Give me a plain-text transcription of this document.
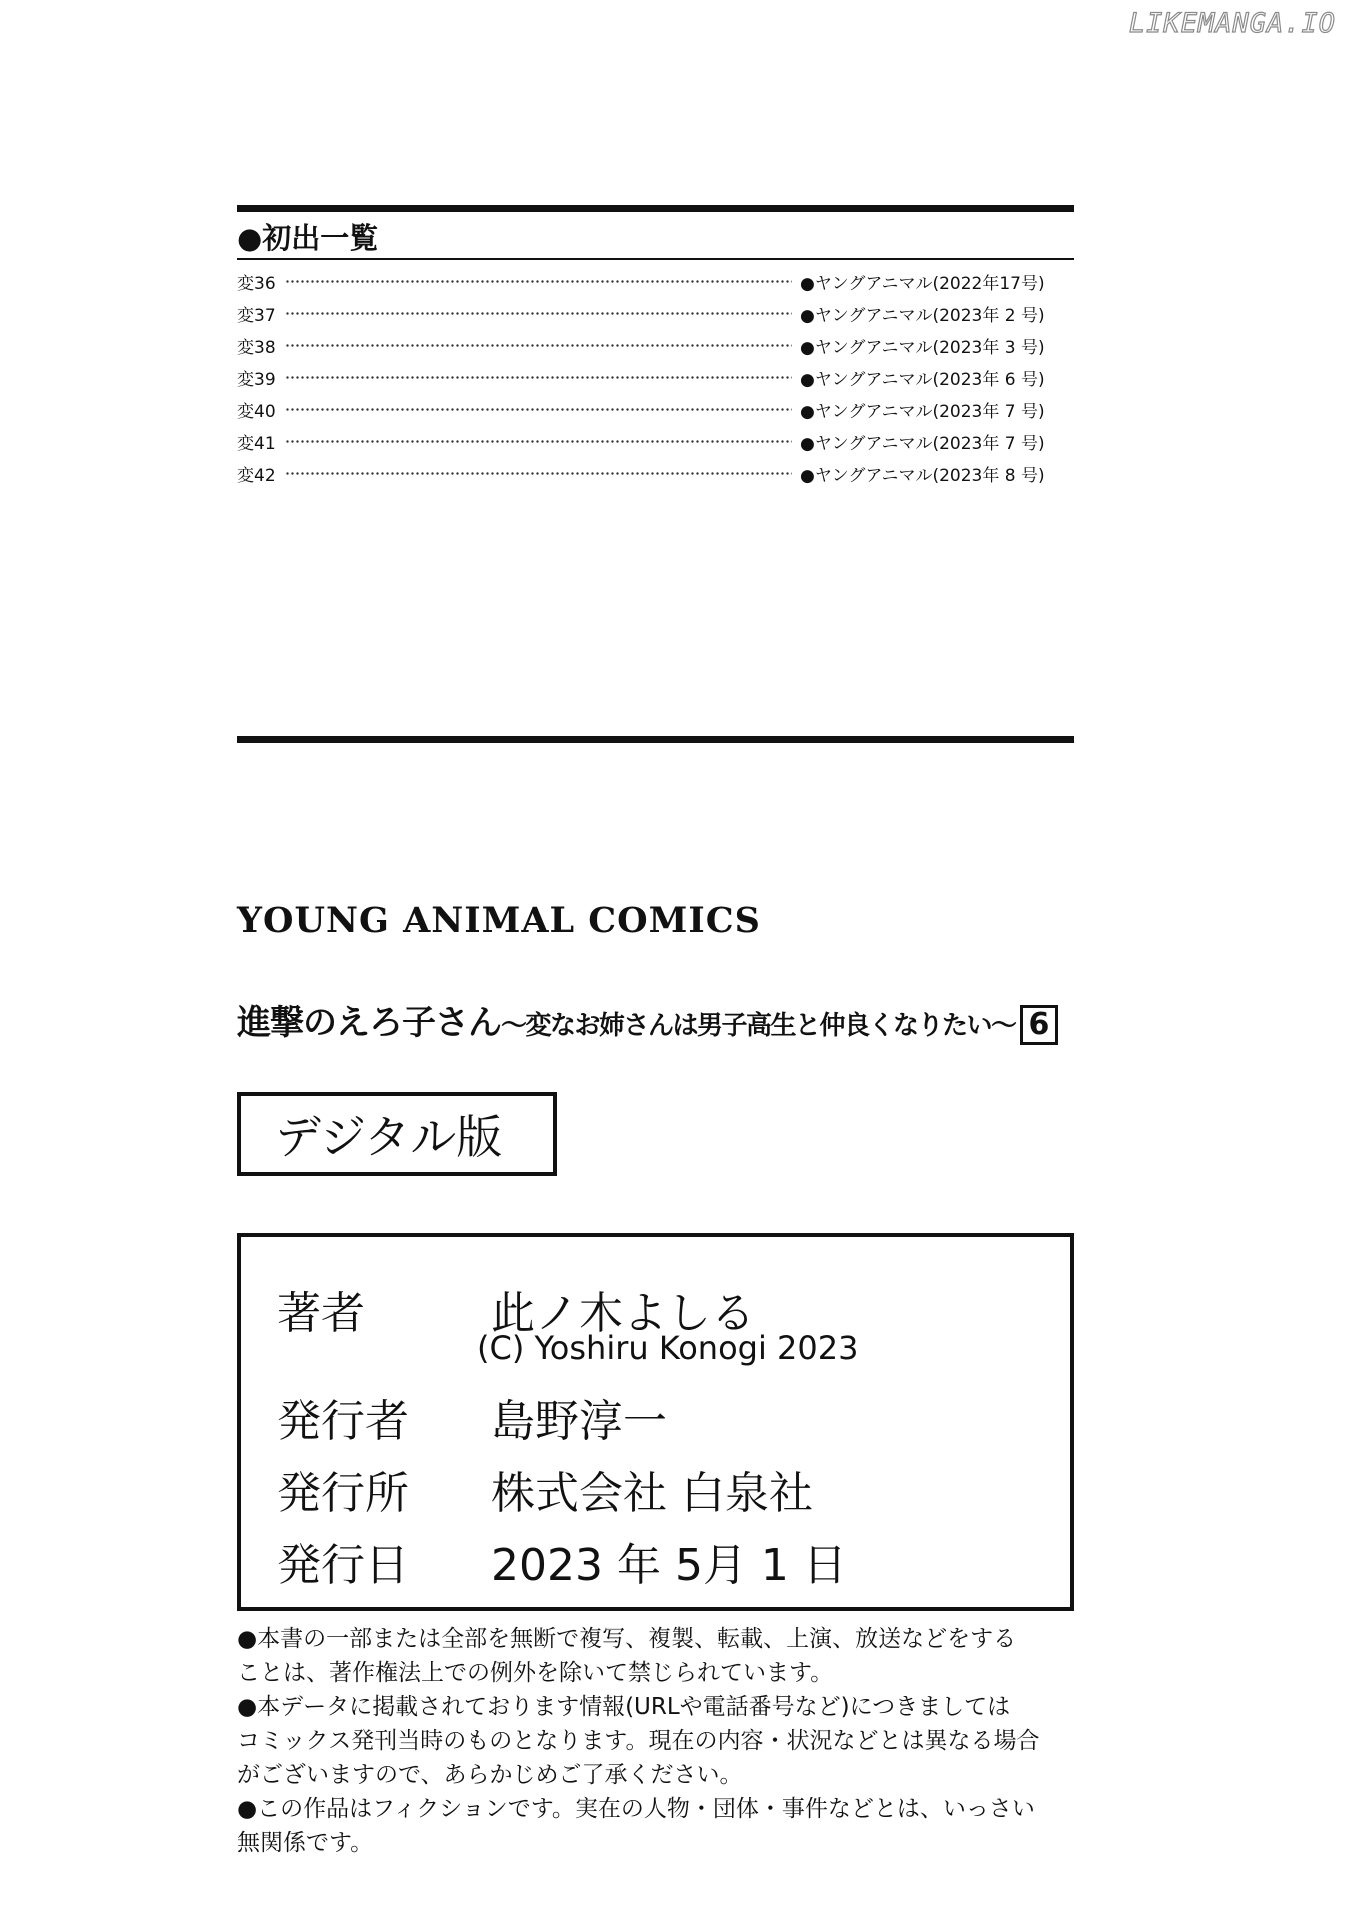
LIKEMANGA.IO
●初出一覧
変36	●ヤングアニマル(2022年17号)
変37	●ヤングアニマル(2023年 2 号)
変38	●ヤングアニマル(2023年 3 号)
変39	●ヤングアニマル(2023年 6 号)
変40	●ヤングアニマル(2023年 7 号)
変41	●ヤングアニマル(2023年 7 号)
変42	●ヤングアニマル(2023年 8 号)
YOUNG ANIMAL COMICS
進撃のえろ子さん 〜変なお姉さんは男子高生と仲良くなりたい〜 6
デジタル版
著者	此ノ木よしる
(C) Yoshiru Konogi 2023
発行者 島野淳一
発行所 株式会社 白泉社
発行日 2023 年 5月 1 日
●本書の一部または全部を無断で複写、複製、転載、上演、放送などをする
ことは、著作権法上での例外を除いて禁じられています。
●本データに掲載されております情報(URLや電話番号など)につきましては
コミックス発刊当時のものとなります。現在の内容・状況などとは異なる場合
がございますので、あらかじめご了承ください。
●この作品はフィクションです。実在の人物・団体・事件などとは、いっさい
無関係です。
